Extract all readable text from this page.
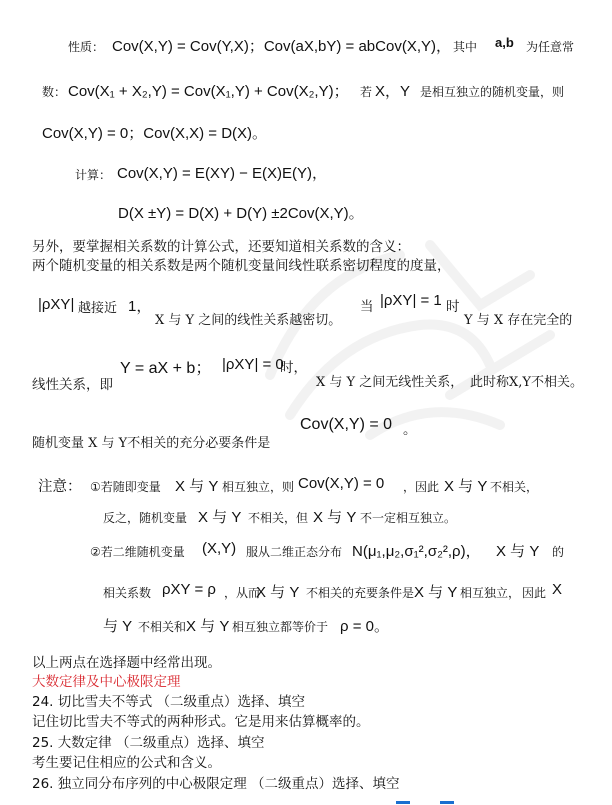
性质： Cov(X,Y) = Cov(Y,X)；Cov(aX,bY) = abCov(X,Y)， 其中 a,b 为任意常
数： Cov(X₁ + X₂,Y) = Cov(X₁,Y) + Cov(X₂,Y)； 若 X，Y 是相互独立的随机变量，则
Cov(X,Y) = 0；Cov(X,X) = D(X)。
计算： Cov(X,Y) = E(XY) − E(X)E(Y)，
D(X ±Y) = D(X) + D(Y) ±2Cov(X,Y)。
另外，要掌握相关系数的计算公式，还要知道相关系数的含义：
两个随机变量的相关系数是两个随机变量间线性联系密切程度的度量，
|ρXY| 越接近 1，
X 与 Y 之间的线性关系越密切。
当 |ρXY| = 1 时
Y 与 X 存在完全的
Y = aX + b； |ρXY| = 0
时，
线性关系，即	X 与 Y 之间无线性关系， 此时称X,Y不相关。
Cov(X,Y) = 0 。
随机变量 X 与 Y不相关的充分必要条件是
注意： ①若随即变量 X 与 Y 相互独立，则 Cov(X,Y) = 0 ，因此 X 与 Y 不相关，
反之，随机变量 X 与 Y 不相关，但 X 与 Y 不一定相互独立。
②若二维随机变量 (X,Y) 服从二维正态分布 N(μ₁,μ₂,σ₁²,σ₂²,ρ)， X 与 Y 的
相关系数 ρXY = ρ ，从而
X 与 Y 不相关的充要条件是 X 与 Y 相互独立， 因此 X
与 Y 不相关和 X 与 Y 相互独立都等价于 ρ = 0。
以上两点在选择题中经常出现。
大数定律及中心极限定理
24. 切比雪夫不等式 （二级重点）选择、填空
记住切比雪夫不等式的两种形式。它是用来估算概率的。
25. 大数定律 （二级重点）选择、填空
考生要记住相应的公式和含义。
26. 独立同分布序列的中心极限定理 （二级重点）选择、填空
